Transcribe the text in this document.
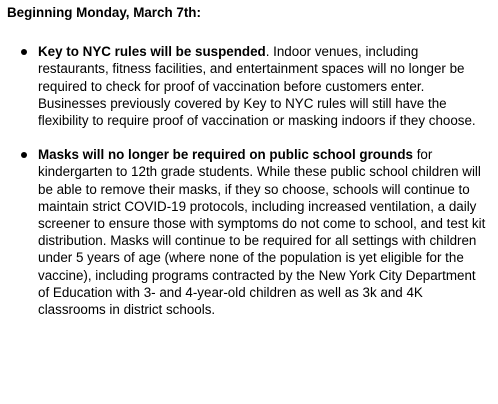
Beginning Monday, March 7th:
Key to NYC rules will be suspended. Indoor venues, including restaurants, fitness facilities, and entertainment spaces will no longer be required to check for proof of vaccination before customers enter. Businesses previously covered by Key to NYC rules will still have the flexibility to require proof of vaccination or masking indoors if they choose.
Masks will no longer be required on public school grounds for kindergarten to 12th grade students. While these public school children will be able to remove their masks, if they so choose, schools will continue to maintain strict COVID-19 protocols, including increased ventilation, a daily screener to ensure those with symptoms do not come to school, and test kit distribution. Masks will continue to be required for all settings with children under 5 years of age (where none of the population is yet eligible for the vaccine), including programs contracted by the New York City Department of Education with 3- and 4-year-old children as well as 3k and 4K classrooms in district schools.
